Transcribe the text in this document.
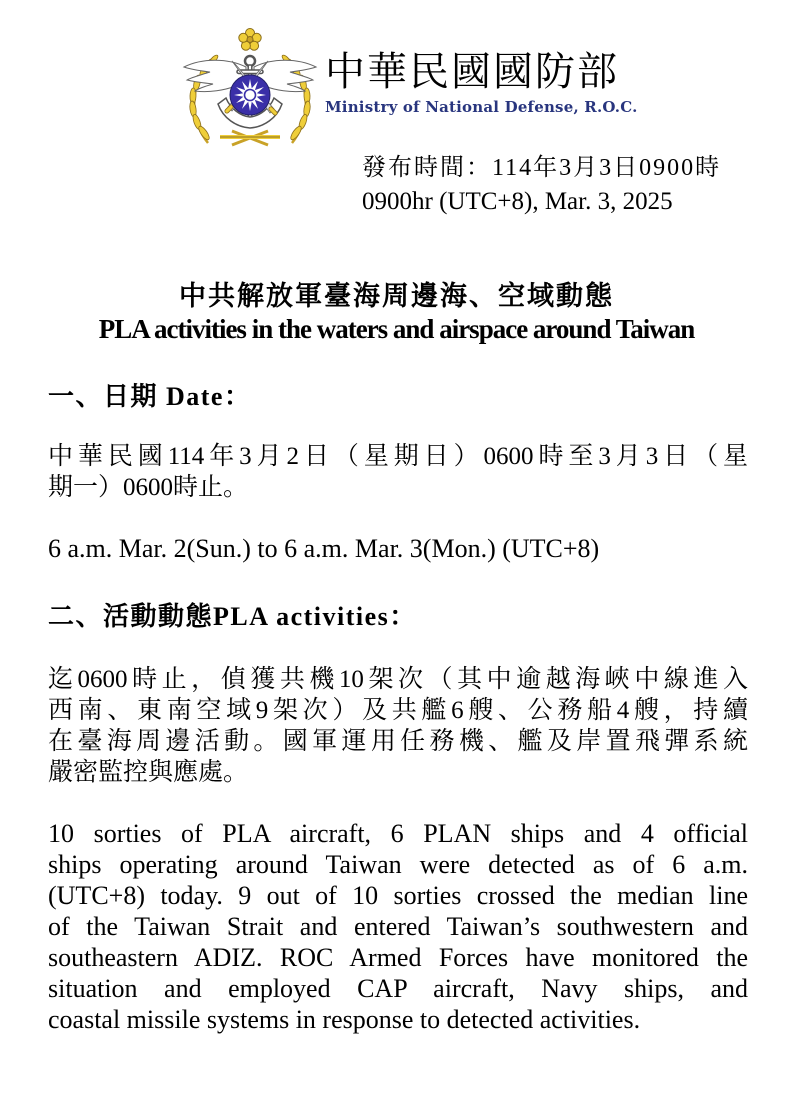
中華民國國防部
Ministry of National Defense, R.O.C.
發布時間：114年3月3日0900時
0900hr (UTC+8), Mar. 3, 2025
中共解放軍臺海周邊海、空域動態
PLA activities in the waters and airspace around Taiwan
一、日期 Date：
中華民國114年3月2日（星期日）0600時至3月3日（星
期一）0600時止。
6 a.m. Mar. 2(Sun.) to 6 a.m. Mar. 3(Mon.) (UTC+8)
二、活動動態PLA activities：
迄0600時止，偵獲共機10架次（其中逾越海峽中線進入
西南、東南空域9架次）及共艦6艘、公務船4艘，持續
在臺海周邊活動。國軍運用任務機、艦及岸置飛彈系統
嚴密監控與應處。
10 sorties of PLA aircraft, 6 PLAN ships and 4 official
ships operating around Taiwan were detected as of 6 a.m.
(UTC+8) today. 9 out of 10 sorties crossed the median line
of the Taiwan Strait and entered Taiwan’s southwestern and
southeastern ADIZ. ROC Armed Forces have monitored the
situation and employed CAP aircraft, Navy ships, and
coastal missile systems in response to detected activities.
